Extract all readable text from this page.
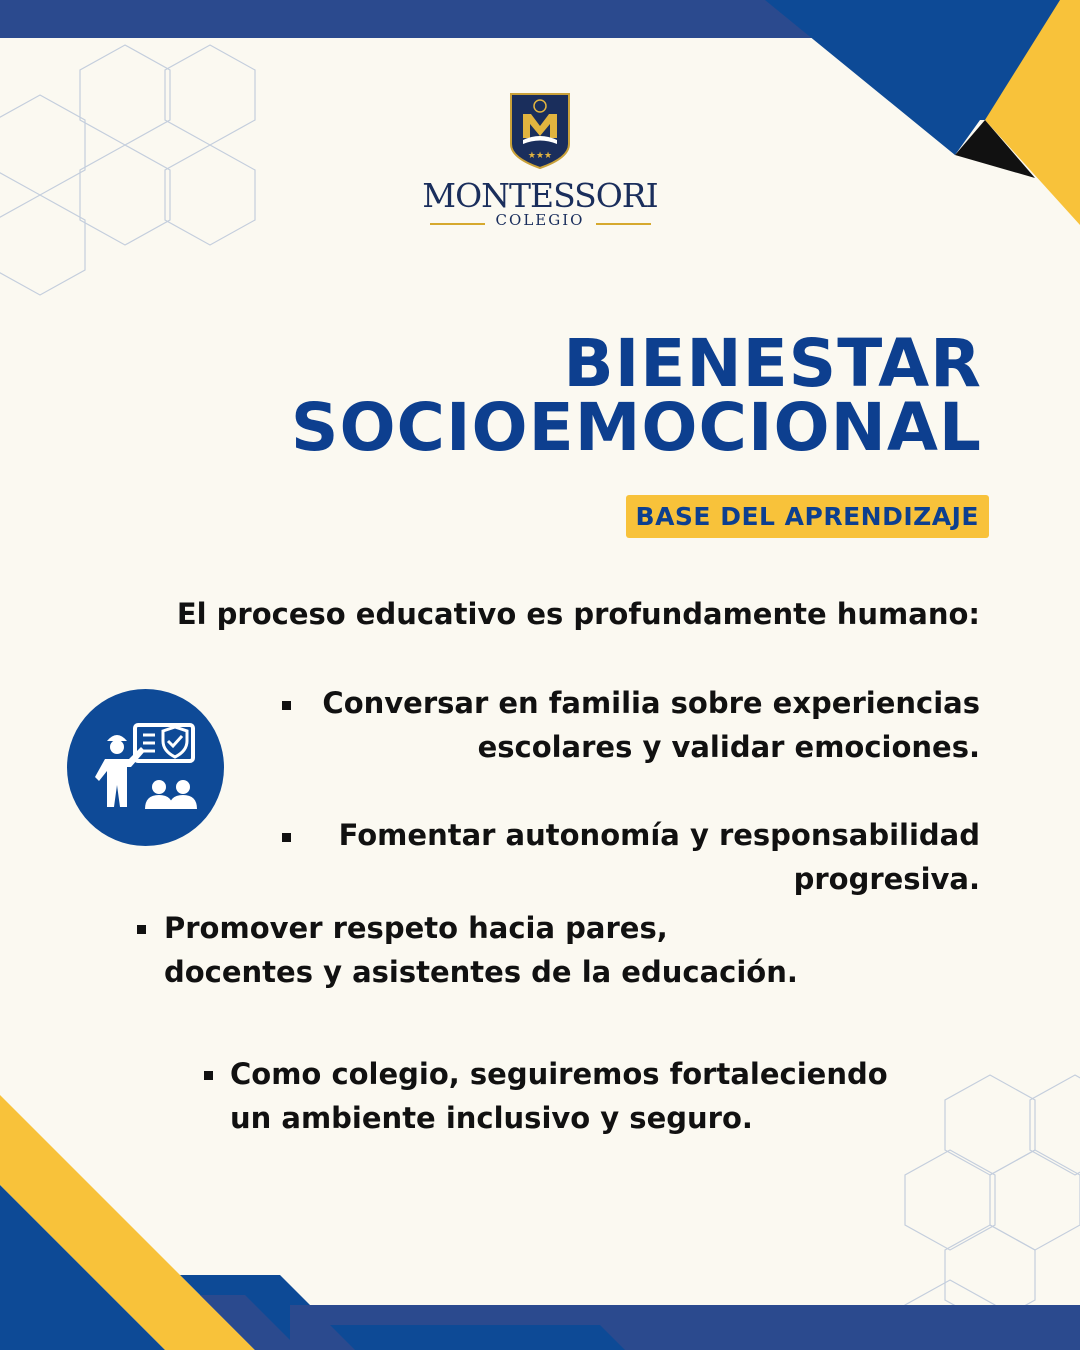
★★★
MONTESSORI
COLEGIO
BIENESTAR
SOCIOEMOCIONAL
BASE DEL APRENDIZAJE
El proceso educativo es profundamente humano:
Conversar en familia sobre experiencias
escolares y validar emociones.
Fomentar autonomía y responsabilidad
progresiva.
Promover respeto hacia pares,
docentes y asistentes de la educación.
Como colegio, seguiremos fortaleciendo
un ambiente inclusivo y seguro.
